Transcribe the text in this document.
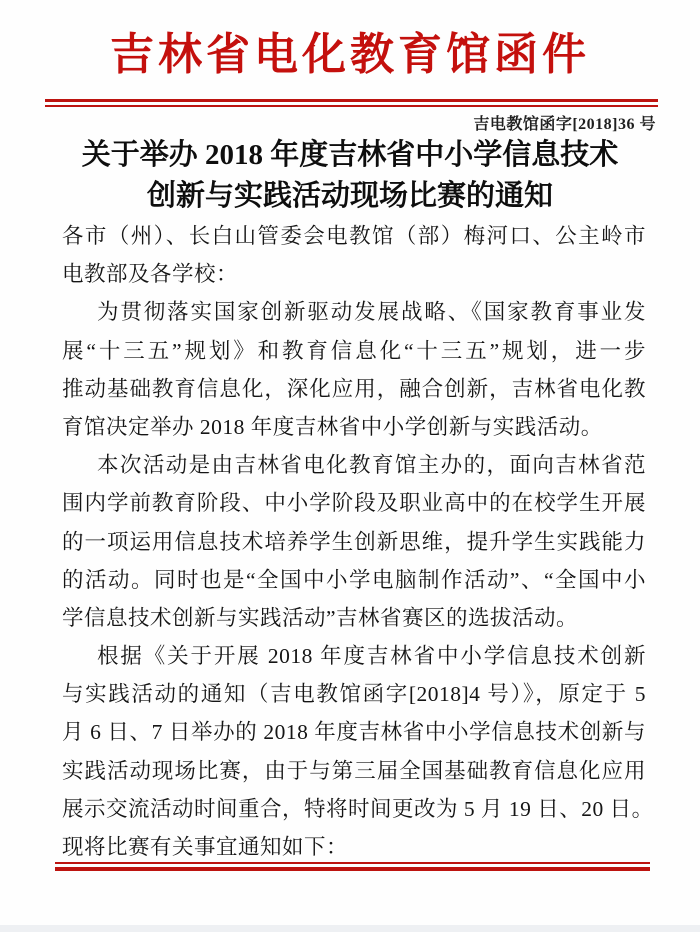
吉林省电化教育馆函件
吉电教馆函字[2018]36 号
关于举办 2018 年度吉林省中小学信息技术
创新与实践活动现场比赛的通知
各市（州）、长白山管委会电教馆（部）梅河口、公主岭市
电教部及各学校：
为贯彻落实国家创新驱动发展战略、《国家教育事业发
展“十三五”规划》和教育信息化“十三五”规划，进一步
推动基础教育信息化，深化应用，融合创新，吉林省电化教
育馆决定举办 2018 年度吉林省中小学创新与实践活动。
本次活动是由吉林省电化教育馆主办的，面向吉林省范
围内学前教育阶段、中小学阶段及职业高中的在校学生开展
的一项运用信息技术培养学生创新思维，提升学生实践能力
的活动。同时也是“全国中小学电脑制作活动”、“全国中小
学信息技术创新与实践活动”吉林省赛区的选拔活动。
根据《关于开展 2018 年度吉林省中小学信息技术创新
与实践活动的通知（吉电教馆函字[2018]4 号）》，原定于 5
月 6 日、7 日举办的 2018 年度吉林省中小学信息技术创新与
实践活动现场比赛，由于与第三届全国基础教育信息化应用
展示交流活动时间重合，特将时间更改为 5 月 19 日、20 日。
现将比赛有关事宜通知如下：
